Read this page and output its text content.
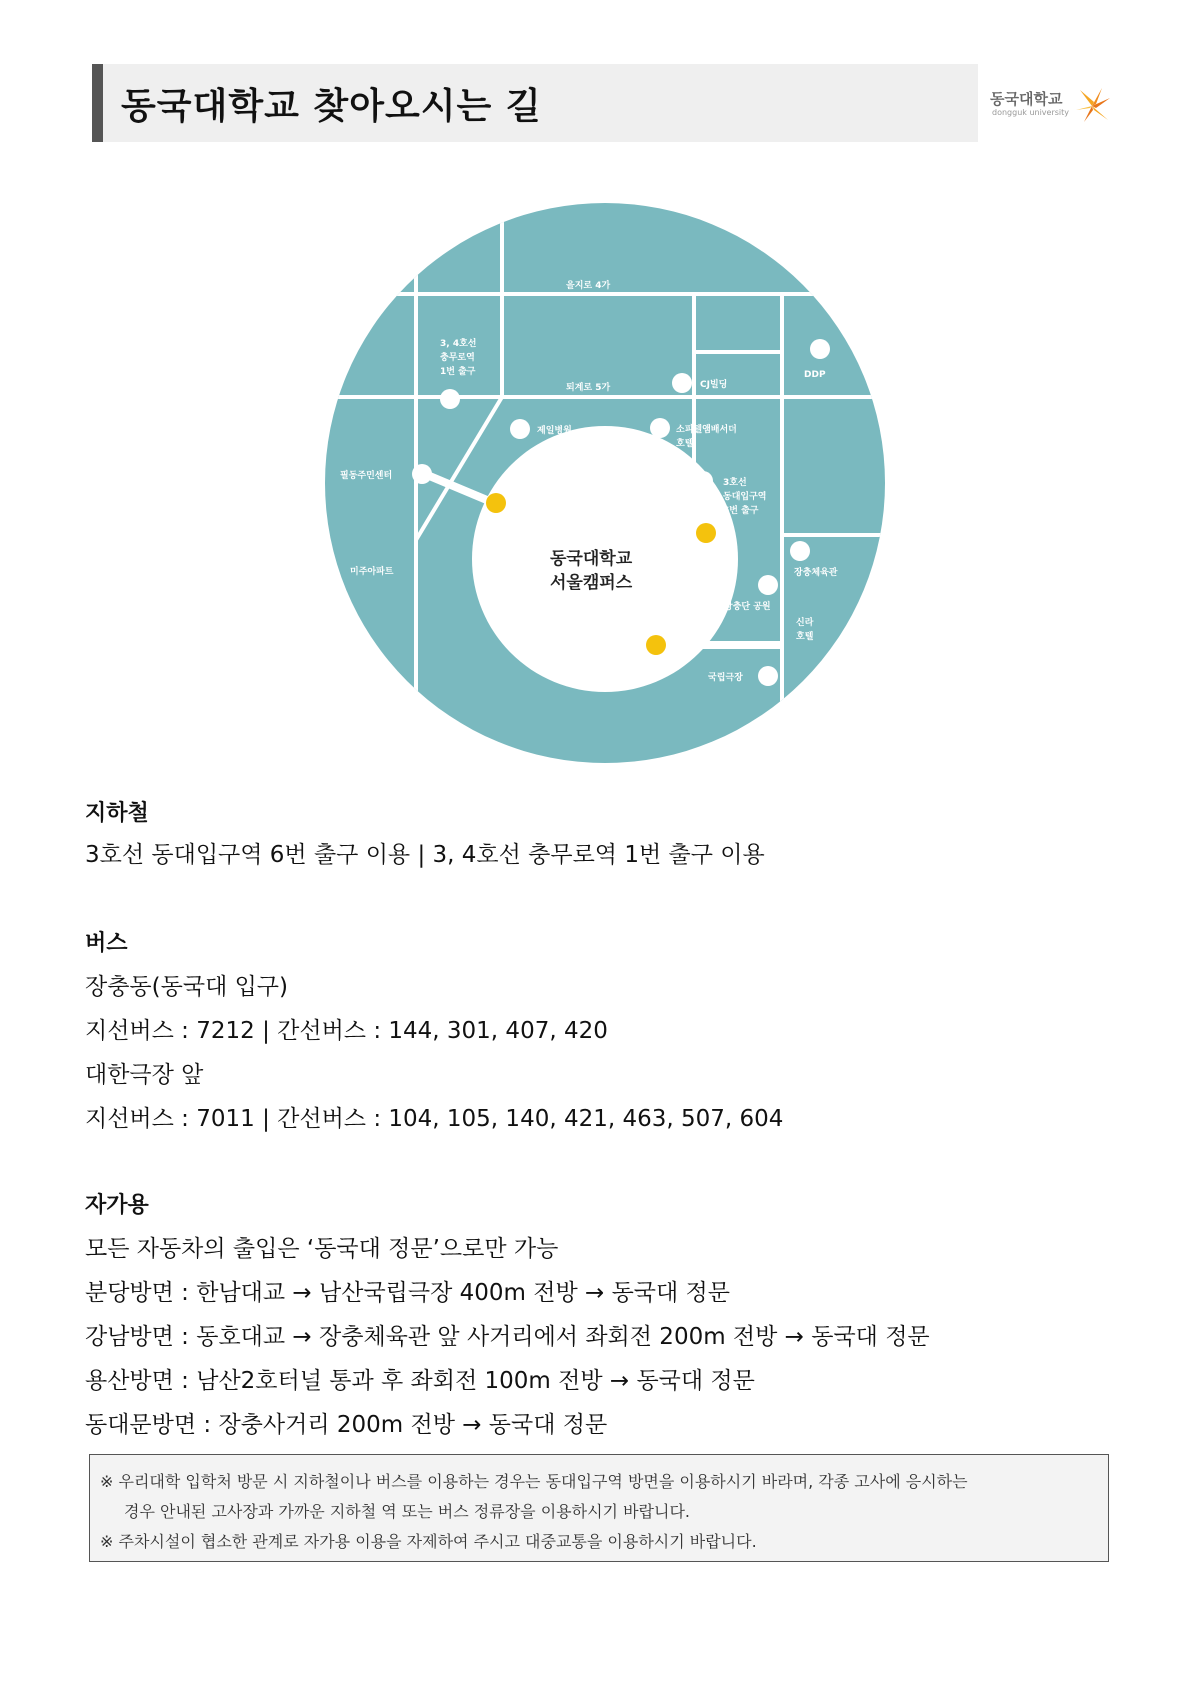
동국대학교 찾아오시는 길	동국대학교
dongguk university
동국대학교
서울캠퍼스
을지로 4가
퇴계로 5가
3, 4호선
충무로역
1번 출구
CJ빌딩
DDP
제일병원	소피텔앰배서더
호텔
3호선
동대입구역
6번 출구
필동주민센터
미주아파트	장충체육관
장충단 공원
신라
호텔
국립극장
후문
중문
정문
지하철
3호선 동대입구역 6번 출구 이용 | 3, 4호선 충무로역 1번 출구 이용
버스
장충동(동국대 입구)
지선버스 : 7212 | 간선버스 : 144, 301, 407, 420
대한극장 앞
지선버스 : 7011 | 간선버스 : 104, 105, 140, 421, 463, 507, 604
자가용
모든 자동차의 출입은 ‘동국대 정문’으로만 가능
분당방면 : 한남대교 → 남산국립극장 400m 전방 → 동국대 정문
강남방면 : 동호대교 → 장충체육관 앞 사거리에서 좌회전 200m 전방 → 동국대 정문
용산방면 : 남산2호터널 통과 후 좌회전 100m 전방 → 동국대 정문
동대문방면 : 장충사거리 200m 전방 → 동국대 정문
※ 우리대학 입학처 방문 시 지하철이나 버스를 이용하는 경우는 동대입구역 방면을 이용하시기 바라며, 각종 고사에 응시하는
경우 안내된 고사장과 가까운 지하철 역 또는 버스 정류장을 이용하시기 바랍니다.
※ 주차시설이 협소한 관계로 자가용 이용을 자제하여 주시고 대중교통을 이용하시기 바랍니다.
